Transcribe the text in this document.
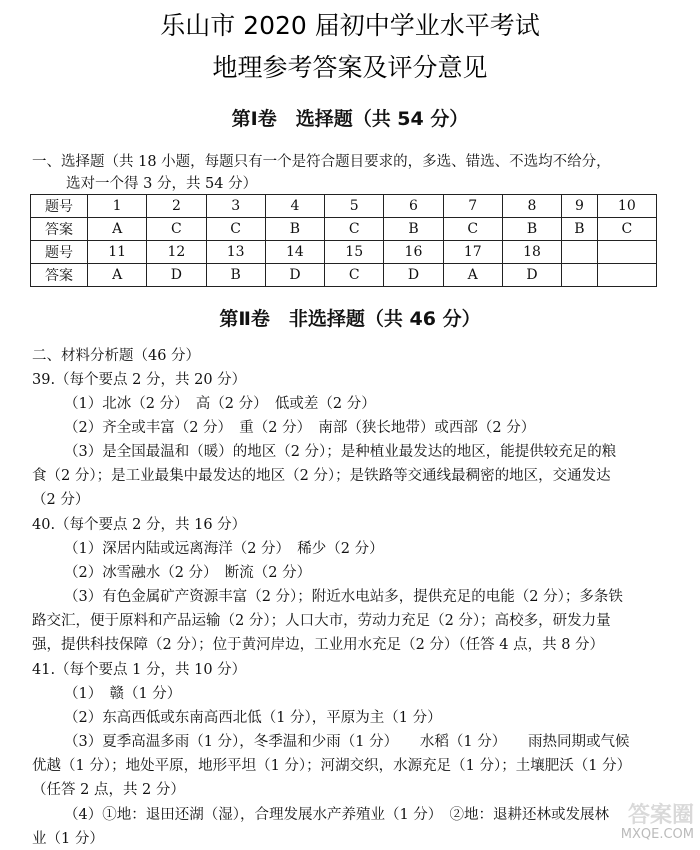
乐山市 2020 届初中学业水平考试
地理参考答案及评分意见
第Ⅰ卷　选择题（共 54 分）
一、选择题（共 18 小题，每题只有一个是符合题目要求的，多选、错选、不选均不给分，
选对一个得 3 分，共 54 分）
题号	1	2	3	4	5	6	7	8	9	10
答案	A	C	C	B	C	B	C	B	B	C
题号	11	12	13	14	15	16	17	18		
答案	A	D	B	D	C	D	A	D		
第Ⅱ卷　非选择题（共 46 分）
二、材料分析题（46 分）
39.（每个要点 2 分，共 20 分）
（1）北冰（2 分）　高（2 分）　低或差（2 分）
（2）齐全或丰富（2 分）　重（2 分）　南部（狭长地带）或西部（2 分）
（3）是全国最温和（暖）的地区（2 分）；是种植业最发达的地区，能提供较充足的粮
食（2 分）；是工业最集中最发达的地区（2 分）；是铁路等交通线最稠密的地区，交通发达
（2 分）
40.（每个要点 2 分，共 16 分）
（1）深居内陆或远离海洋（2 分）　稀少（2 分）
（2）冰雪融水（2 分）　断流（2 分）
（3）有色金属矿产资源丰富（2 分）；附近水电站多，提供充足的电能（2 分）；多条铁
路交汇，便于原料和产品运输（2 分）；人口大市，劳动力充足（2 分）；高校多，研发力量
强，提供科技保障（2 分）；位于黄河岸边，工业用水充足（2 分）（任答 4 点，共 8 分）
41.（每个要点 1 分，共 10 分）
（1）　赣（1 分）
（2）东高西低或东南高西北低（1 分），平原为主（1 分）
（3）夏季高温多雨（1 分），冬季温和少雨（1 分）　　水稻（1 分）　　雨热同期或气候
优越（1 分）；地处平原，地形平坦（1 分）；河湖交织，水源充足（1 分）；土壤肥沃（1 分）
（任答 2 点，共 2 分）
（4）①地：退田还湖（湿），合理发展水产养殖业（1 分）　②地：退耕还林或发展林
业（1 分）
答案圈
MXQE.COM
